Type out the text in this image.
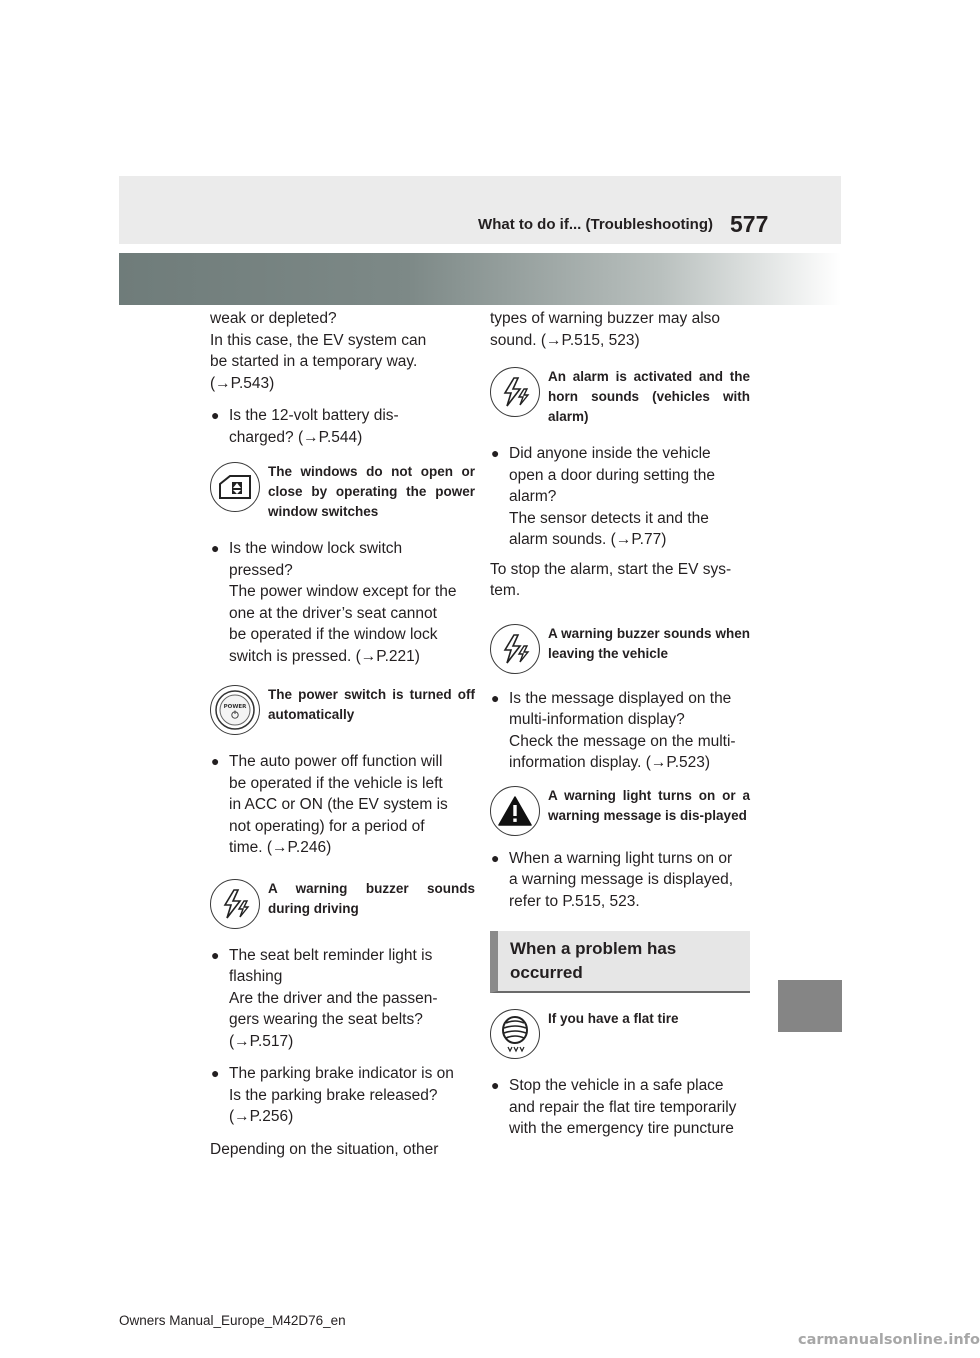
What to do if... (Troubleshooting) 577

weak or depleted?

In this case, the EV system can

be started in a temporary way.

(→P.543)

● Is the 12-volt battery dis-
charged? (→P.544)
The windows do not open or close by operating the power window switches
● Is the window lock switch
pressed?
The power window except for the
one at the driver’s seat cannot
be operated if the window lock
switch is pressed. (→P.221)
POWER
The power switch is turned off automatically
● The auto power off function will
be operated if the vehicle is left
in ACC or ON (the EV system is
not operating) for a period of
time. (→P.246)
A warning buzzer sounds during driving
● The seat belt reminder light is
flashing
Are the driver and the passen-
gers wearing the seat belts?
(→P.517)
● The parking brake indicator is on
Is the parking brake released?
(→P.256)

Depending on the situation, other

types of warning buzzer may also

sound. (→P.515, 523)

An alarm is activated and the horn sounds (vehicles with alarm)
● Did anyone inside the vehicle
open a door during setting the
alarm?
The sensor detects it and the
alarm sounds. (→P.77)

To stop the alarm, start the EV sys-

tem.

A warning buzzer sounds when leaving the vehicle
● Is the message displayed on the
multi-information display?
Check the message on the multi-
information display. (→P.523)
A warning light turns on or a warning message is dis-played
● When a warning light turns on or
a warning message is displayed,
refer to P.515, 523.
When a problem has occurred
If you have a flat tire
● Stop the vehicle in a safe place
and repair the flat tire temporarily
with the emergency tire puncture
Owners Manual_Europe_M42D76_en
carmanualsonline.info
